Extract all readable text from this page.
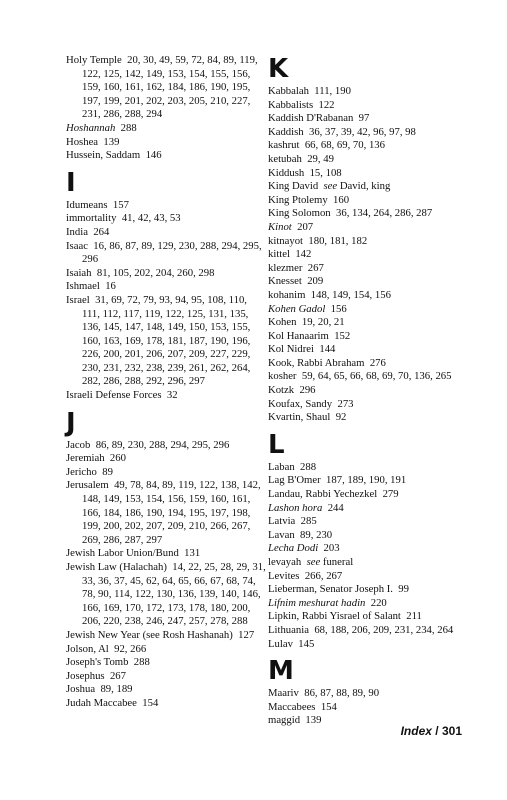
Holy Temple 20, 30, 49, 59, 72, 84, 89, 119, 122, 125, 142, 149, 153, 154, 155, 156, 159, 160, 161, 162, 184, 186, 190, 195, 197, 199, 201, 202, 203, 205, 210, 227, 231, 286, 288, 294
Hoshannah 288
Hoshea 139
Hussein, Saddam 146
I
Idumeans 157
immortality 41, 42, 43, 53
India 264
Isaac 16, 86, 87, 89, 129, 230, 288, 294, 295, 296
Isaiah 81, 105, 202, 204, 260, 298
Ishmael 16
Israel 31, 69, 72, 79, 93, 94, 95, 108, 110, 111, 112, 117, 119, 122, 125, 131, 135, 136, 145, 147, 148, 149, 150, 153, 155, 160, 163, 169, 178, 181, 187, 190, 196, 226, 200, 201, 206, 207, 209, 227, 229, 230, 231, 232, 238, 239, 261, 262, 264, 282, 286, 288, 292, 296, 297
Israeli Defense Forces 32
J
Jacob 86, 89, 230, 288, 294, 295, 296
Jeremiah 260
Jericho 89
Jerusalem 49, 78, 84, 89, 119, 122, 138, 142, 148, 149, 153, 154, 156, 159, 160, 161, 166, 184, 186, 190, 194, 195, 197, 198, 199, 200, 202, 207, 209, 210, 266, 267, 269, 286, 287, 297
Jewish Labor Union/Bund 131
Jewish Law (Halachah) 14, 22, 25, 28, 29, 31, 33, 36, 37, 45, 62, 64, 65, 66, 67, 68, 74, 78, 90, 114, 122, 130, 136, 139, 140, 146, 166, 169, 170, 172, 173, 178, 180, 200, 206, 220, 238, 246, 247, 257, 278, 288
Jewish New Year (see Rosh Hashanah) 127
Jolson, Al 92, 266
Joseph's Tomb 288
Josephus 267
Joshua 89, 189
Judah Maccabee 154
K
Kabbalah 111, 190
Kabbalists 122
Kaddish D'Rabanan 97
Kaddish 36, 37, 39, 42, 96, 97, 98
kashrut 66, 68, 69, 70, 136
ketubah 29, 49
Kiddush 15, 108
King David see David, king
King Ptolemy 160
King Solomon 36, 134, 264, 286, 287
Kinot 207
kitnayot 180, 181, 182
kittel 142
klezmer 267
Knesset 209
kohanim 148, 149, 154, 156
Kohen Gadol 156
Kohen 19, 20, 21
Kol Hanaarim 152
Kol Nidrei 144
Kook, Rabbi Abraham 276
kosher 59, 64, 65, 66, 68, 69, 70, 136, 265
Kotzk 296
Koufax, Sandy 273
Kvartin, Shaul 92
L
Laban 288
Lag B'Omer 187, 189, 190, 191
Landau, Rabbi Yechezkel 279
Lashon hora 244
Latvia 285
Lavan 89, 230
Lecha Dodi 203
levayah see funeral
Levites 266, 267
Lieberman, Senator Joseph I. 99
Lifnim meshurat hadin 220
Lipkin, Rabbi Yisrael of Salant 211
Lithuania 68, 188, 206, 209, 231, 234, 264
Lulav 145
M
Maariv 86, 87, 88, 89, 90
Maccabees 154
maggid 139
Index / 301
